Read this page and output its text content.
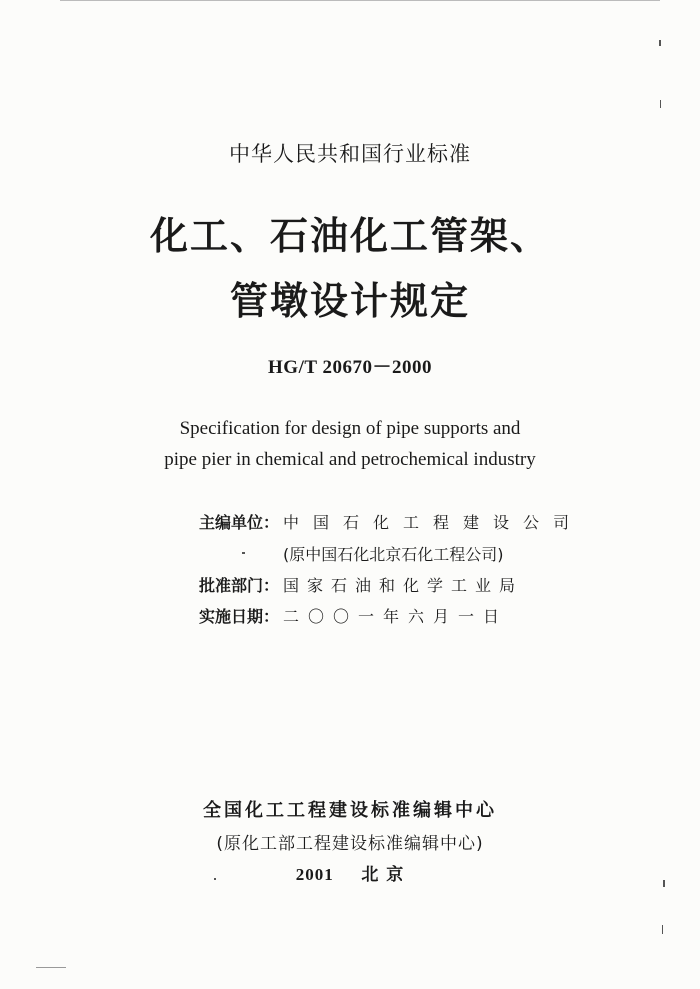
中华人民共和国行业标准
化工、石油化工管架、
管墩设计规定
HG/T 20670－2000
Specification for design of pipe supports and
pipe pier in chemical and petrochemical industry
主编单位： 中国石化工程建设公司
(原中国石化北京石化工程公司)
批准部门： 国家石油和化学工业局
实施日期： 二〇〇一年六月一日
全国化工工程建设标准编辑中心
(原化工部工程建设标准编辑中心)
2001 北 京
